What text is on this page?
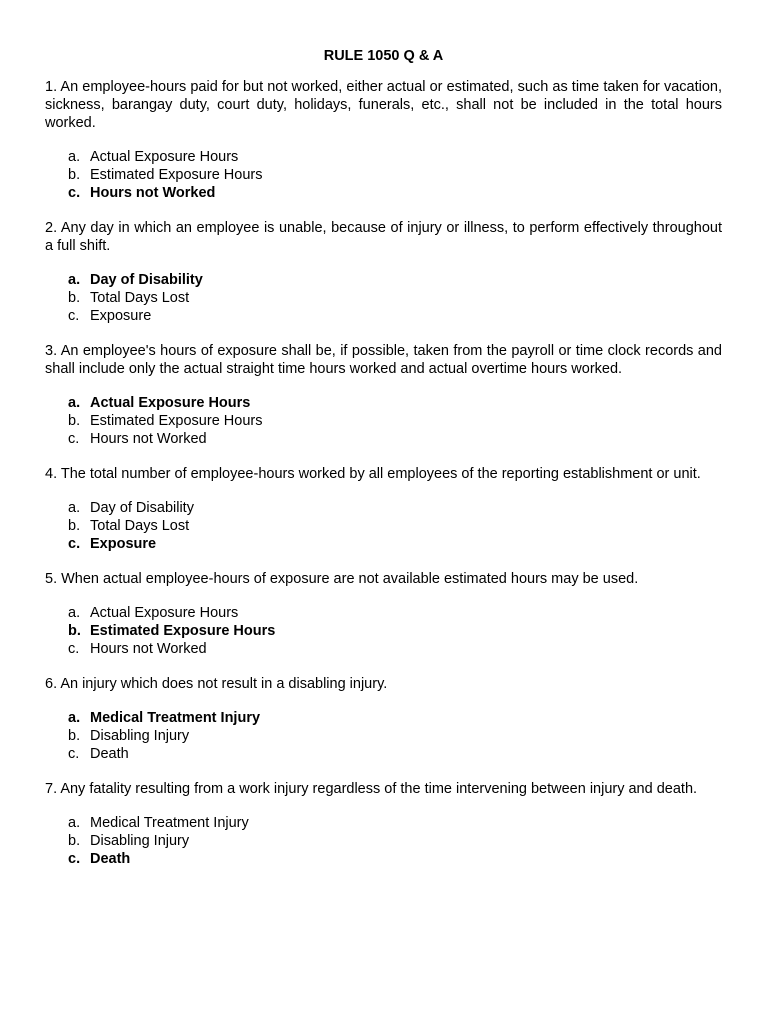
RULE 1050 Q & A

1. An employee-hours paid for but not worked, either actual or estimated, such as time taken for vacation, sickness, barangay duty, court duty, holidays, funerals, etc., shall not be included in the total hours worked.

a. Actual Exposure Hours
b. Estimated Exposure Hours
c. Hours not Worked

2. Any day in which an employee is unable, because of injury or illness, to perform effectively throughout a full shift.

a. Day of Disability
b. Total Days Lost
c. Exposure

3. An employee's hours of exposure shall be, if possible, taken from the payroll or time clock records and shall include only the actual straight time hours worked and actual overtime hours worked.

a. Actual Exposure Hours
b. Estimated Exposure Hours
c. Hours not Worked

4. The total number of employee-hours worked by all employees of the reporting establishment or unit.

a. Day of Disability
b. Total Days Lost
c. Exposure

5. When actual employee-hours of exposure are not available estimated hours may be used.

a. Actual Exposure Hours
b. Estimated Exposure Hours
c. Hours not Worked

6. An injury which does not result in a disabling injury.

a. Medical Treatment Injury
b. Disabling Injury
c. Death

7. Any fatality resulting from a work injury regardless of the time intervening between injury and death.

a. Medical Treatment Injury
b. Disabling Injury
c. Death
